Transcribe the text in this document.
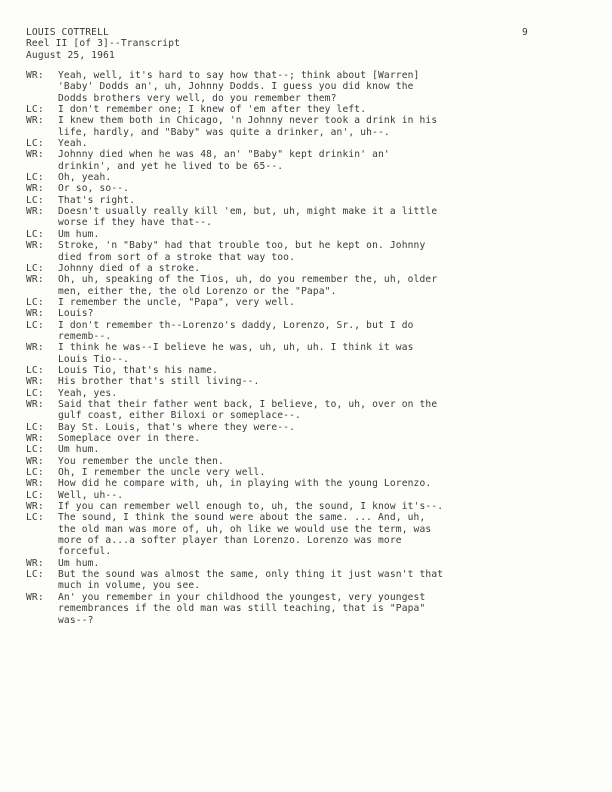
LOUIS COTTRELL
Reel II [of 3]--Transcript
August 25, 1961
9
WR:	Yeah, well, it's hard to say how that--; think about [Warren]
'Baby' Dodds an', uh, Johnny Dodds. I guess you did know the
Dodds brothers very well, do you remember them?
LC:	I don't remember one; I knew of 'em after they left.
WR:	I knew them both in Chicago, 'n Johnny never took a drink in his
life, hardly, and "Baby" was quite a drinker, an', uh--.
LC:	Yeah.
WR:	Johnny died when he was 48, an' "Baby" kept drinkin' an'
drinkin', and yet he lived to be 65--.
LC:	Oh, yeah.
WR:	Or so, so--.
LC:	That's right.
WR:	Doesn't usually really kill 'em, but, uh, might make it a little
worse if they have that--.
LC:	Um hum.
WR:	Stroke, 'n "Baby" had that trouble too, but he kept on. Johnny
died from sort of a stroke that way too.
LC:	Johnny died of a stroke.
WR:	Oh, uh, speaking of the Tios, uh, do you remember the, uh, older
men, either the, the old Lorenzo or the "Papa".
LC:	I remember the uncle, "Papa", very well.
WR:	Louis?
LC:	I don't remember th--Lorenzo's daddy, Lorenzo, Sr., but I do
rememb--.
WR:	I think he was--I believe he was, uh, uh, uh. I think it was
Louis Tio--.
LC:	Louis Tio, that's his name.
WR:	His brother that's still living--.
LC:	Yeah, yes.
WR:	Said that their father went back, I believe, to, uh, over on the
gulf coast, either Biloxi or someplace--.
LC:	Bay St. Louis, that's where they were--.
WR:	Someplace over in there.
LC:	Um hum.
WR:	You remember the uncle then.
LC:	Oh, I remember the uncle very well.
WR:	How did he compare with, uh, in playing with the young Lorenzo.
LC:	Well, uh--.
WR:	If you can remember well enough to, uh, the sound, I know it's--.
LC:	The sound, I think the sound were about the same. ... And, uh,
the old man was more of, uh, oh like we would use the term, was
more of a...a softer player than Lorenzo. Lorenzo was more
forceful.
WR:	Um hum.
LC:	But the sound was almost the same, only thing it just wasn't that
much in volume, you see.
WR:	An' you remember in your childhood the youngest, very youngest
remembrances if the old man was still teaching, that is "Papa"
was--?
